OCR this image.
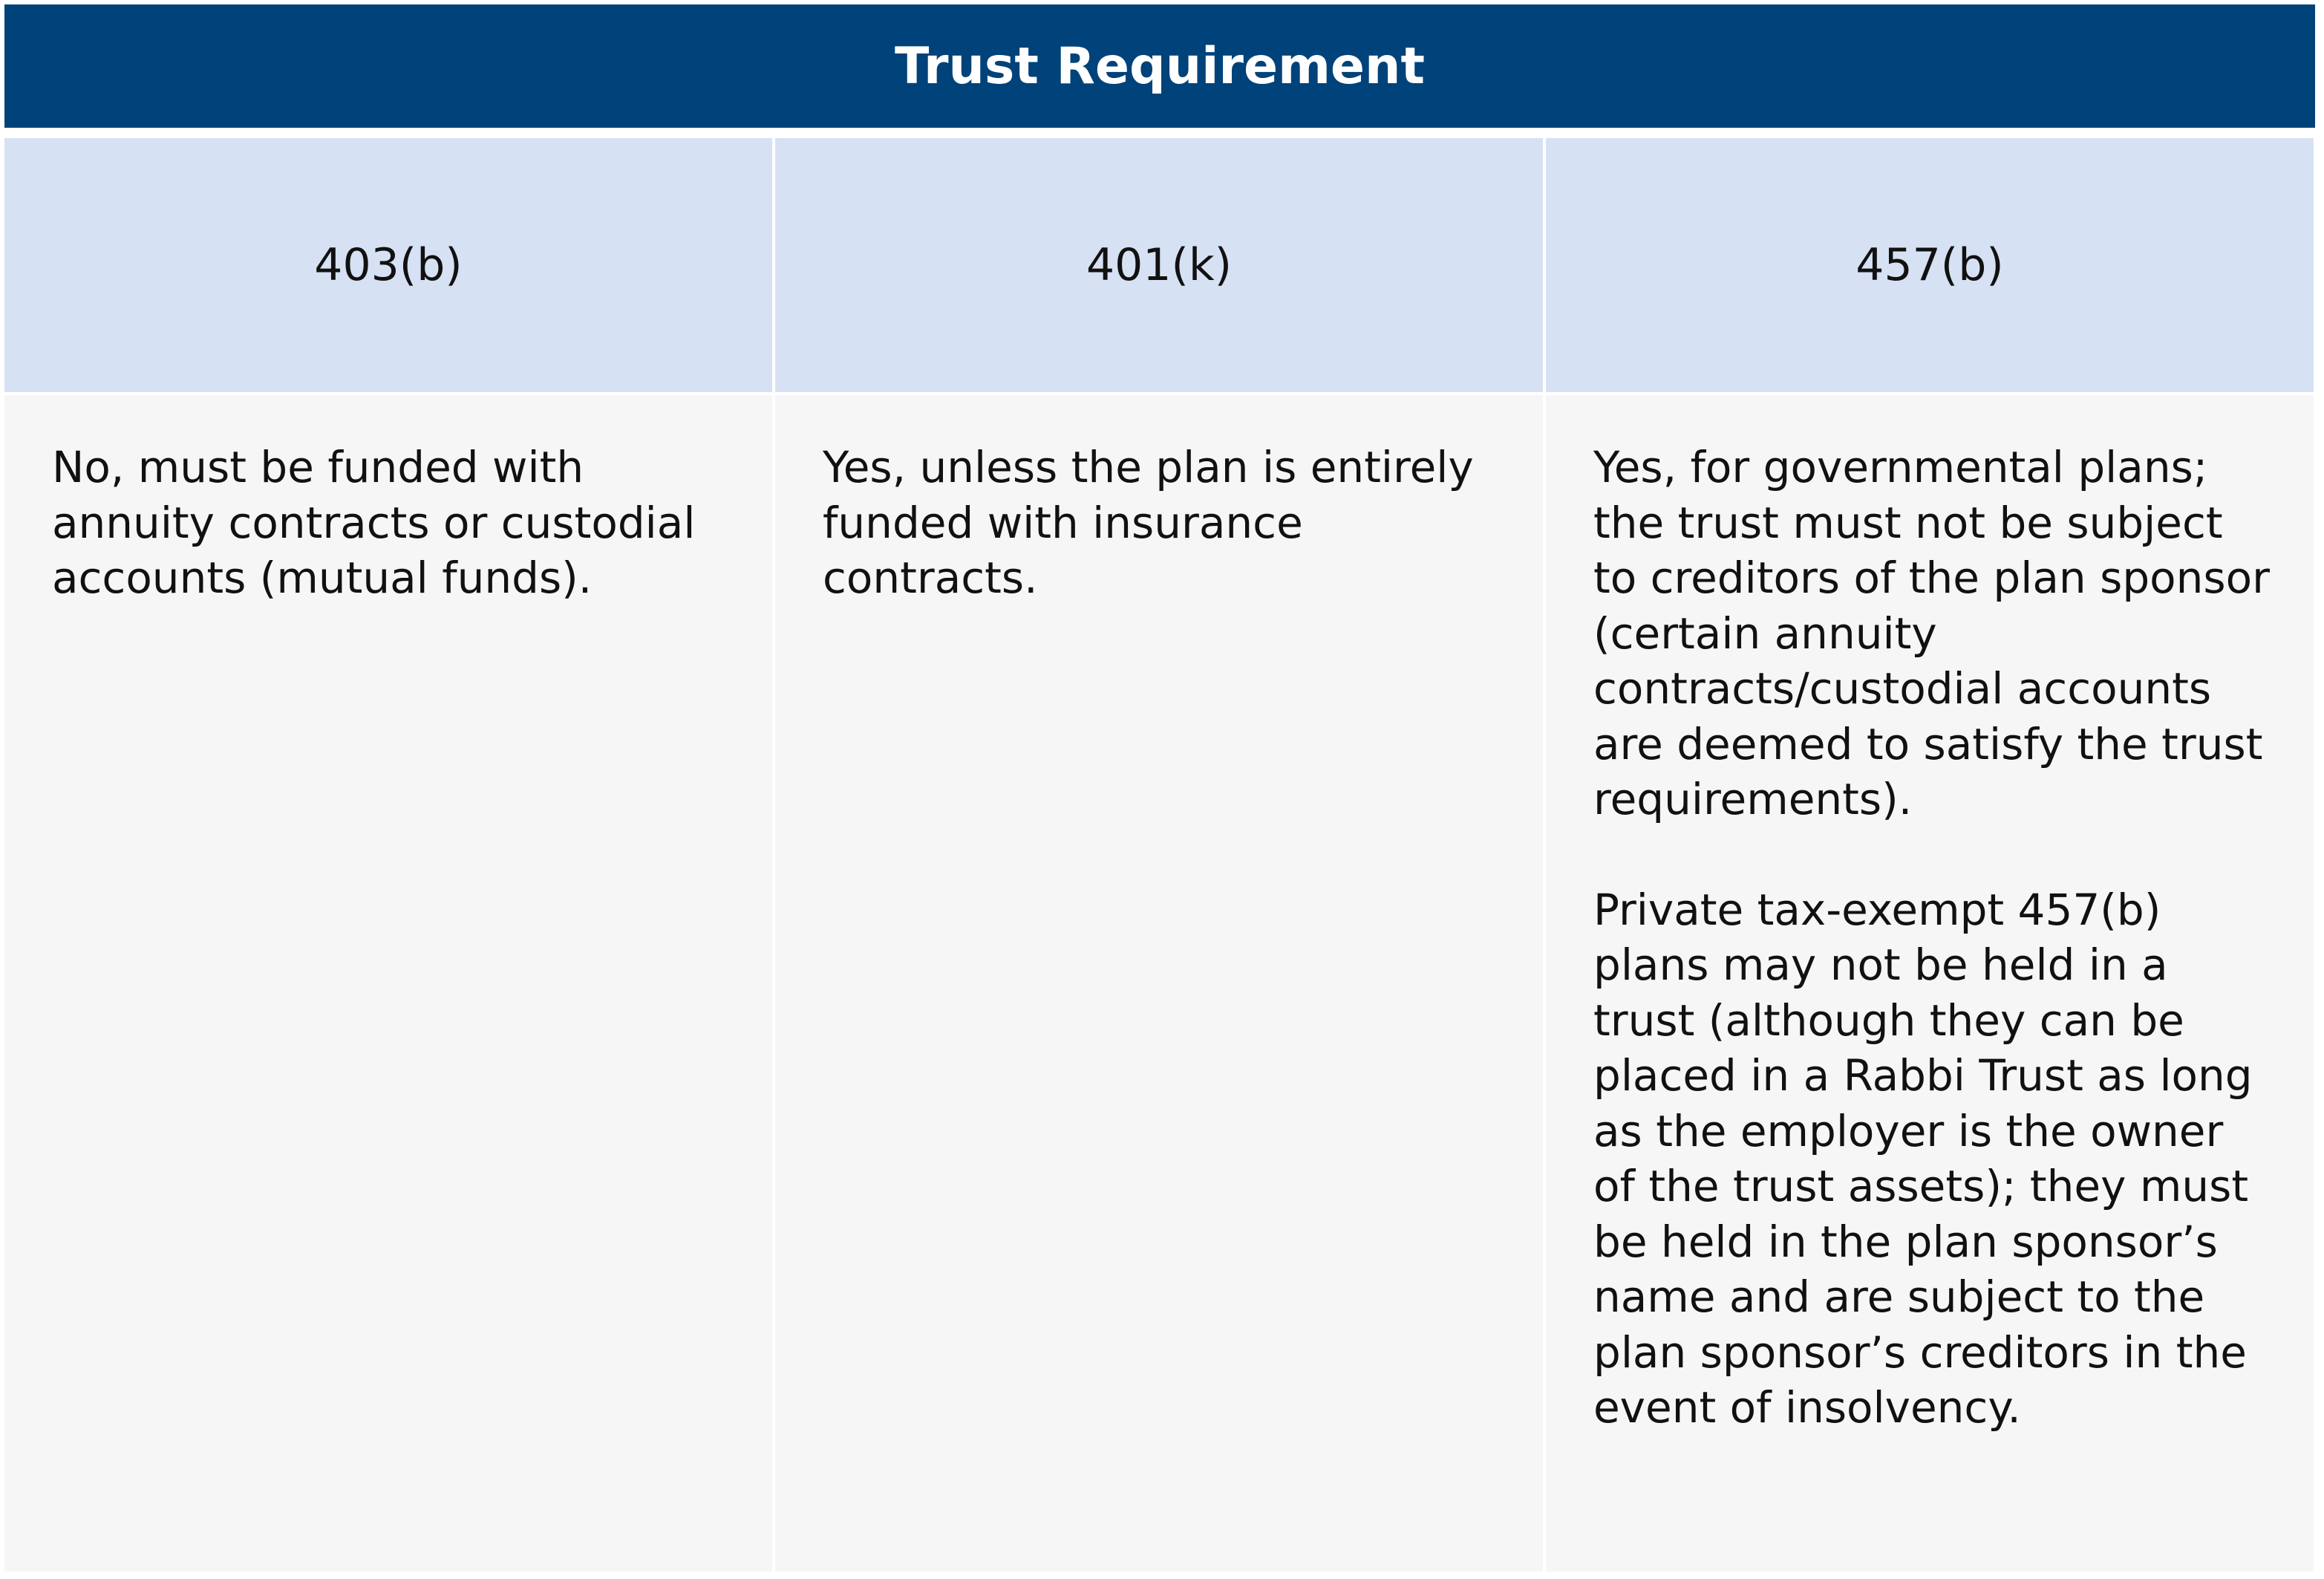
Trust Requirement
403(b)	401(k)	457(b)

No, must be funded with annuity contracts or custodial accounts (mutual funds).

Yes, unless the plan is entirely funded with insurance contracts.

Yes, for governmental plans; the trust must not be subject to creditors of the plan sponsor (certain annuity contracts/custodial accounts are deemed to satisfy the trust requirements).

Private tax-exempt 457(b) plans may not be held in a trust (although they can be placed in a Rabbi Trust as long as the employer is the owner of the trust assets); they must be held in the plan sponsor’s name and are subject to the plan sponsor’s creditors in the event of insolvency.
